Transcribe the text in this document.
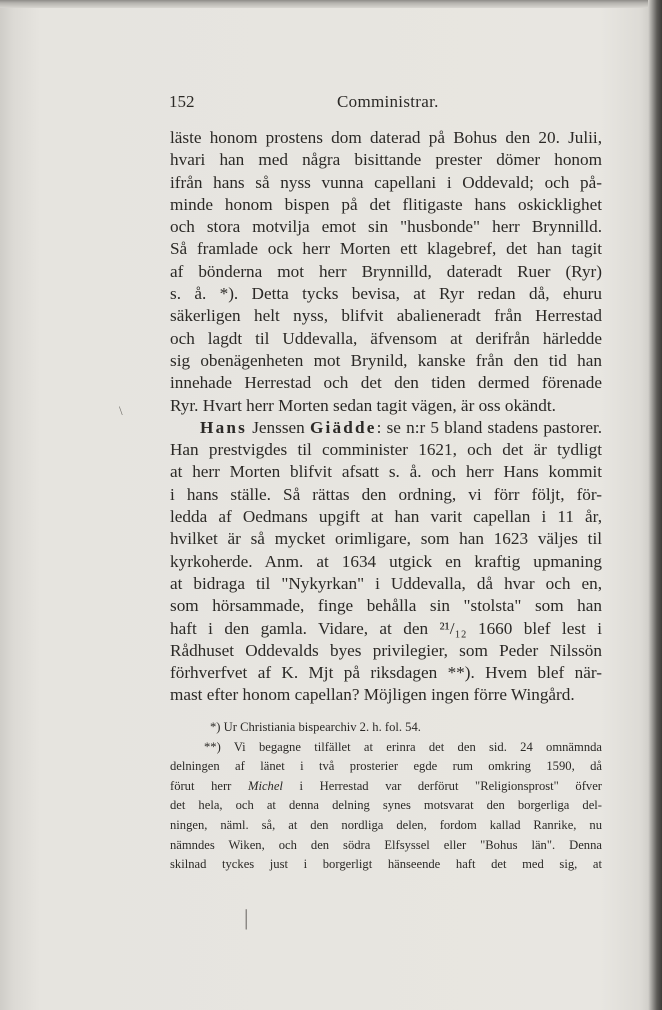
152	Comministrar.
läste honom prostens dom daterad på Bohus den 20. Julii,
hvari han med några bisittande prester dömer honom
ifrån hans så nyss vunna capellani i Oddevald; och på-
minde honom bispen på det flitigaste hans oskicklighet
och stora motvilja emot sin "husbonde" herr Brynnilld.
Så framlade ock herr Morten ett klagebref, det han tagit
af bönderna mot herr Brynnilld, dateradt Ruer (Ryr)
s. å. *). Detta tycks bevisa, at Ryr redan då, ehuru
säkerligen helt nyss, blifvit abalieneradt från Herrestad
och lagdt til Uddevalla, äfvensom at derifrån härledde
sig obenägenheten mot Brynild, kanske från den tid han
innehade Herrestad och det den tiden dermed förenade
Ryr. Hvart herr Morten sedan tagit vägen, är oss okändt.
Hans Jenssen Giädde: se n:r 5 bland stadens pastorer.
Han prestvigdes til comminister 1621, och det är tydligt
at herr Morten blifvit afsatt s. å. och herr Hans kommit
i hans ställe. Så rättas den ordning, vi förr följt, för-
ledda af Oedmans upgift at han varit capellan i 11 år,
hvilket är så mycket orimligare, som han 1623 väljes til
kyrkoherde. Anm. at 1634 utgick en kraftig upmaning
at bidraga til "Nykyrkan" i Uddevalla, då hvar och en,
som hörsammade, finge behålla sin "stolsta" som han
haft i den gamla. Vidare, at den ²¹/₁₂ 1660 blef lest i
Rådhuset Oddevalds byes privilegier, som Peder Nilssön
förhverfvet af K. Mjt på riksdagen **). Hvem blef när-
mast efter honom capellan? Möjligen ingen förre Wingård.
*) Ur Christiania bispearchiv 2. h. fol. 54.
**) Vi begagne tilfället at erinra det den sid. 24 omnämnda
delningen af länet i två prosterier egde rum omkring 1590, då
förut herr Michel i Herrestad var derförut "Religionsprost" öfver
det hela, och at denna delning synes motsvarat den borgerliga del-
ningen, näml. så, at den nordliga delen, fordom kallad Ranrike, nu
nämndes Wiken, och den södra Elfsyssel eller "Bohus län". Denna
skilnad tyckes just i borgerligt hänseende haft det med sig, at
\
|
